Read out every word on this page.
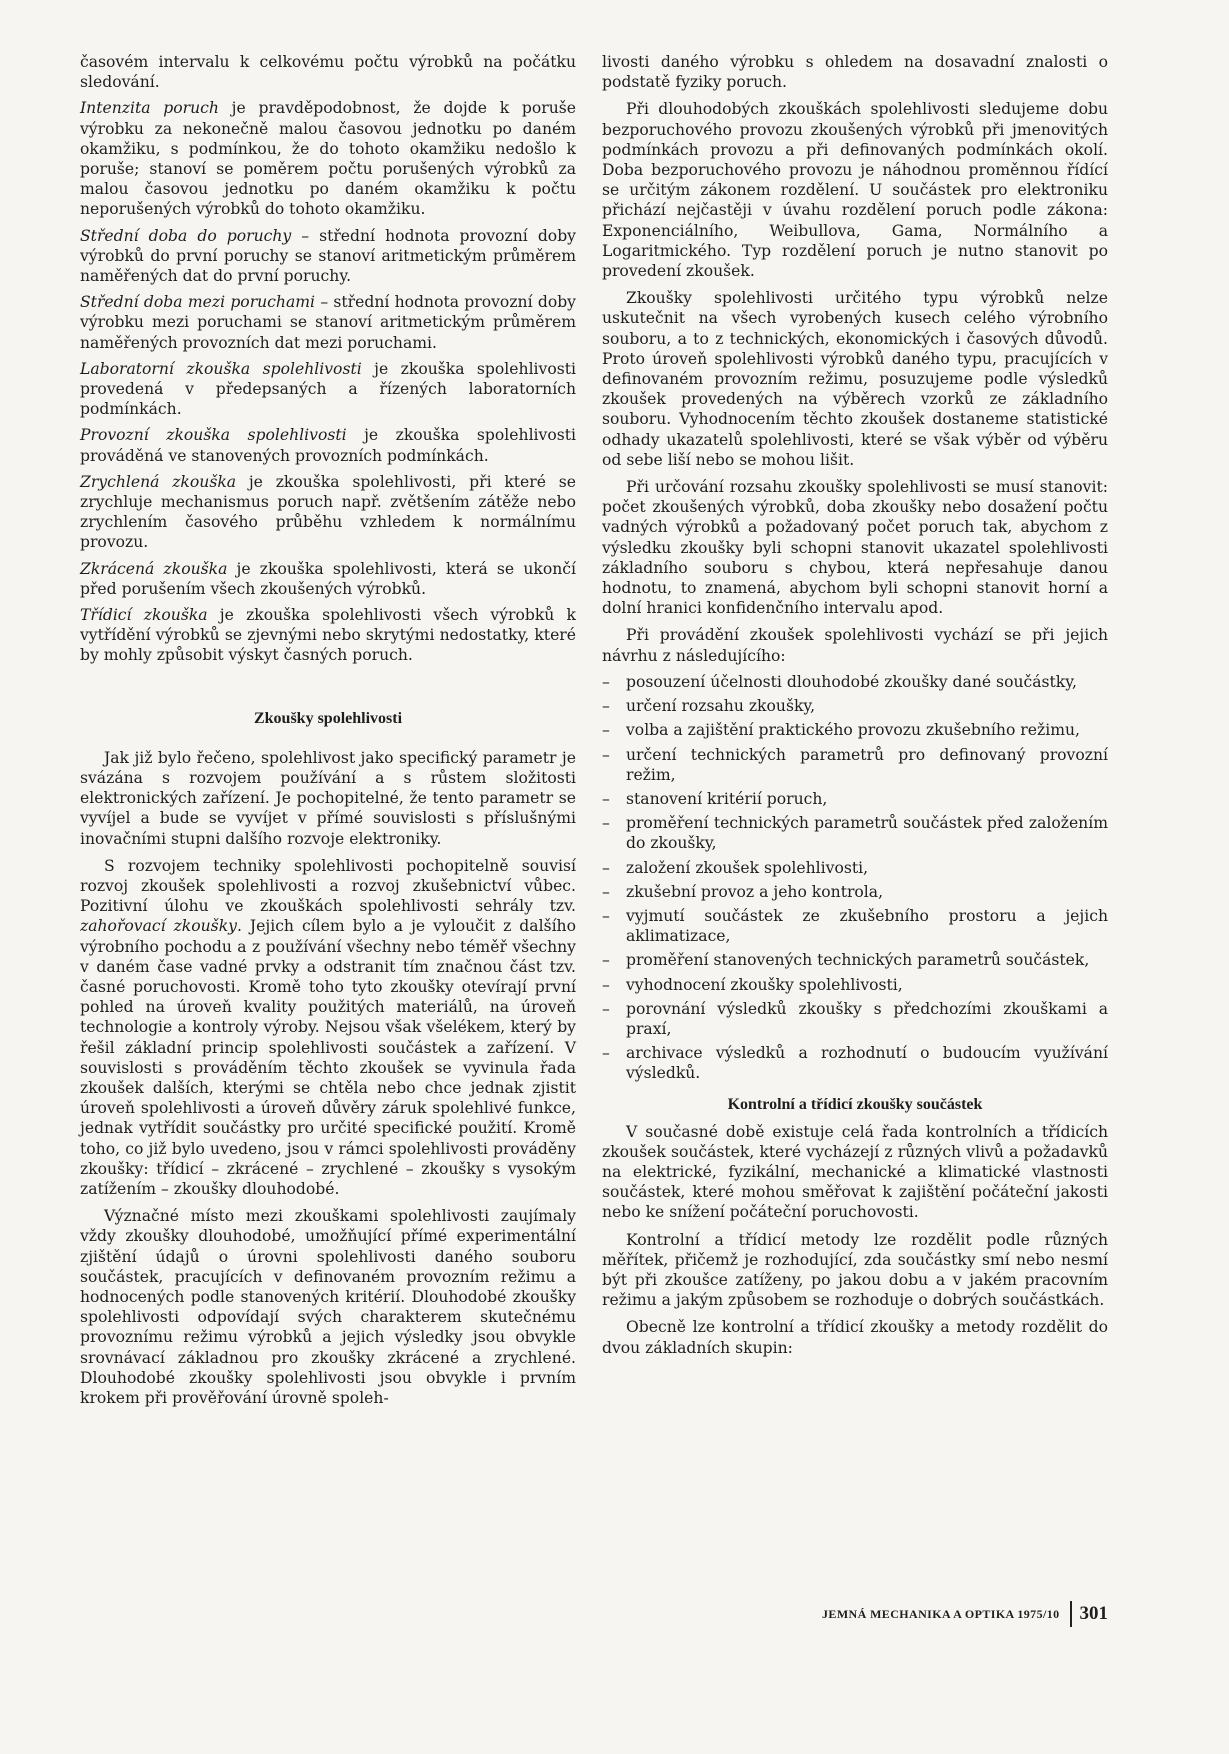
časovém intervalu k celkovému počtu výrobků na počátku sledování.

Intenzita poruch je pravděpodobnost, že dojde k poruše výrobku za nekonečně malou časovou jednotku po daném okamžiku, s podmínkou, že do tohoto okamžiku nedošlo k poruše; stanoví se poměrem počtu porušených výrobků za malou časovou jednotku po daném okamžiku k počtu neporušených výrobků do tohoto okamžiku.

Střední doba do poruchy – střední hodnota provozní doby výrobků do první poruchy se stanoví aritmetickým průměrem naměřených dat do první poruchy.

Střední doba mezi poruchami – střední hodnota provozní doby výrobku mezi poruchami se stanoví aritmetickým průměrem naměřených provozních dat mezi poruchami.

Laboratorní zkouška spolehlivosti je zkouška spolehlivosti provedená v předepsaných a řízených laboratorních podmínkách.

Provozní zkouška spolehlivosti je zkouška spolehlivosti prováděná ve stanovených provozních podmínkách.

Zrychlená zkouška je zkouška spolehlivosti, při které se zrychluje mechanismus poruch např. zvětšením zátěže nebo zrychlením časového průběhu vzhledem k normálnímu provozu.

Zkrácená zkouška je zkouška spolehlivosti, která se ukončí před porušením všech zkoušených výrobků.

Třídicí zkouška je zkouška spolehlivosti všech výrobků k vytřídění výrobků se zjevnými nebo skrytými nedostatky, které by mohly způsobit výskyt časných poruch.

Zkoušky spolehlivosti

Jak již bylo řečeno, spolehlivost jako specifický parametr je svázána s rozvojem používání a s růstem složitosti elektronických zařízení. Je pochopitelné, že tento parametr se vyvíjel a bude se vyvíjet v přímé souvislosti s příslušnými inovačními stupni dalšího rozvoje elektroniky.

S rozvojem techniky spolehlivosti pochopitelně souvisí rozvoj zkoušek spolehlivosti a rozvoj zkušebnictví vůbec. Pozitivní úlohu ve zkouškách spolehlivosti sehrály tzv. zahořovací zkoušky. Jejich cílem bylo a je vyloučit z dalšího výrobního pochodu a z používání všechny nebo téměř všechny v daném čase vadné prvky a odstranit tím značnou část tzv. časné poruchovosti. Kromě toho tyto zkoušky otevírají první pohled na úroveň kvality použitých materiálů, na úroveň technologie a kontroly výroby. Nejsou však všelékem, který by řešil základní princip spolehlivosti součástek a zařízení. V souvislosti s prováděním těchto zkoušek se vyvinula řada zkoušek dalších, kterými se chtěla nebo chce jednak zjistit úroveň spolehlivosti a úroveň důvěry záruk spolehlivé funkce, jednak vytřídit součástky pro určité specifické použití. Kromě toho, co již bylo uvedeno, jsou v rámci spolehlivosti prováděny zkoušky: třídicí – zkrácené – zrychlené – zkoušky s vysokým zatížením – zkoušky dlouhodobé.

Význačné místo mezi zkouškami spolehlivosti zaujímaly vždy zkoušky dlouhodobé, umožňující přímé experimentální zjištění údajů o úrovni spolehlivosti daného souboru součástek, pracujících v definovaném provozním režimu a hodnocených podle stanovených kritérií. Dlouhodobé zkoušky spolehlivosti odpovídají svých charakterem skutečnému provoznímu režimu výrobků a jejich výsledky jsou obvykle srovnávací základnou pro zkoušky zkrácené a zrychlené. Dlouhodobé zkoušky spolehlivosti jsou obvykle i prvním krokem při prověřování úrovně spoleh-

livosti daného výrobku s ohledem na dosavadní znalosti o podstatě fyziky poruch.

Při dlouhodobých zkouškách spolehlivosti sledujeme dobu bezporuchového provozu zkoušených výrobků při jmenovitých podmínkách provozu a při definovaných podmínkách okolí. Doba bezporuchového provozu je náhodnou proměnnou řídící se určitým zákonem rozdělení. U součástek pro elektroniku přichází nejčastěji v úvahu rozdělení poruch podle zákona: Exponenciálního, Weibullova, Gama, Normálního a Logaritmického. Typ rozdělení poruch je nutno stanovit po provedení zkoušek.

Zkoušky spolehlivosti určitého typu výrobků nelze uskutečnit na všech vyrobených kusech celého výrobního souboru, a to z technických, ekonomických i časových důvodů. Proto úroveň spolehlivosti výrobků daného typu, pracujících v definovaném provozním režimu, posuzujeme podle výsledků zkoušek provedených na výběrech vzorků ze základního souboru. Vyhodnocením těchto zkoušek dostaneme statistické odhady ukazatelů spolehlivosti, které se však výběr od výběru od sebe liší nebo se mohou lišit.

Při určování rozsahu zkoušky spolehlivosti se musí stanovit: počet zkoušených výrobků, doba zkoušky nebo dosažení počtu vadných výrobků a požadovaný počet poruch tak, abychom z výsledku zkoušky byli schopni stanovit ukazatel spolehlivosti základního souboru s chybou, která nepřesahuje danou hodnotu, to znamená, abychom byli schopni stanovit horní a dolní hranici konfidenčního intervalu apod.

Při provádění zkoušek spolehlivosti vychází se při jejich návrhu z následujícího:

–	posouzení účelnosti dlouhodobé zkoušky dané součástky,
–	určení rozsahu zkoušky,
–	volba a zajištění praktického provozu zkušebního režimu,
–	určení technických parametrů pro definovaný provozní režim,
–	stanovení kritérií poruch,
–	proměření technických parametrů součástek před založením do zkoušky,
–	založení zkoušek spolehlivosti,
–	zkušební provoz a jeho kontrola,
–	vyjmutí součástek ze zkušebního prostoru a jejich aklimatizace,
–	proměření stanovených technických parametrů součástek,
–	vyhodnocení zkoušky spolehlivosti,
–	porovnání výsledků zkoušky s předchozími zkouškami a praxí,
–	archivace výsledků a rozhodnutí o budoucím využívání výsledků.
Kontrolní a třídicí zkoušky součástek

V současné době existuje celá řada kontrolních a třídicích zkoušek součástek, které vycházejí z různých vlivů a požadavků na elektrické, fyzikální, mechanické a klimatické vlastnosti součástek, které mohou směřovat k zajištění počáteční jakosti nebo ke snížení počáteční poruchovosti.

Kontrolní a třídicí metody lze rozdělit podle různých měřítek, přičemž je rozhodující, zda součástky smí nebo nesmí být při zkoušce zatíženy, po jakou dobu a v jakém pracovním režimu a jakým způsobem se rozhoduje o dobrých součástkách.

Obecně lze kontrolní a třídicí zkoušky a metody rozdělit do dvou základních skupin:

JEMNÁ MECHANIKA A OPTIKA 1975/10 301
